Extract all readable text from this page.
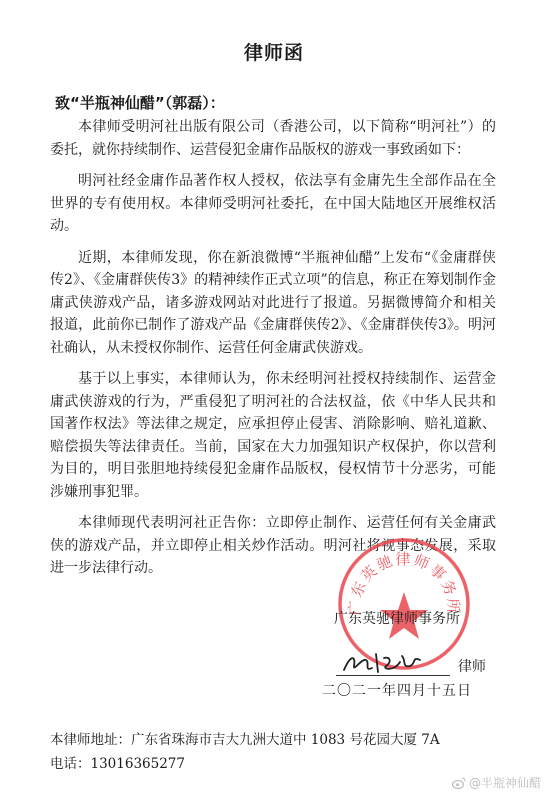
律师函
致“半瓶神仙醋”（郭磊）：

本律师受明河社出版有限公司（香港公司，以下简称“明河社”）的委托，就你持续制作、运营侵犯金庸作品版权的游戏一事致函如下：

明河社经金庸作品著作权人授权，依法享有金庸先生全部作品在全世界的专有使用权。本律师受明河社委托，在中国大陆地区开展维权活动。

近期，本律师发现，你在新浪微博“半瓶神仙醋”上发布“《金庸群侠传2》、《金庸群侠传3》的精神续作正式立项”的信息，称正在筹划制作金庸武侠游戏产品，诸多游戏网站对此进行了报道。另据微博简介和相关报道，此前你已制作了游戏产品《金庸群侠传2》、《金庸群侠传3》。明河社确认，从未授权你制作、运营任何金庸武侠游戏。

基于以上事实，本律师认为，你未经明河社授权持续制作、运营金庸武侠游戏的行为，严重侵犯了明河社的合法权益，依《中华人民共和国著作权法》等法律之规定，应承担停止侵害、消除影响、赔礼道歉、赔偿损失等法律责任。当前，国家在大力加强知识产权保护，你以营利为目的，明目张胆地持续侵犯金庸作品版权，侵权情节十分恶劣，可能涉嫌刑事犯罪。

本律师现代表明河社正告你：立即停止制作、运营任何有关金庸武侠的游戏产品，并立即停止相关炒作活动。明河社将视事态发展，采取进一步法律行动。

广东英驰律师事务所
广东英驰律师事务所
律师
二〇二一年四月十五日
本律师地址：广东省珠海市吉大九洲大道中 1083 号花园大厦 7A
电话：13016365277
@半瓶神仙醋
